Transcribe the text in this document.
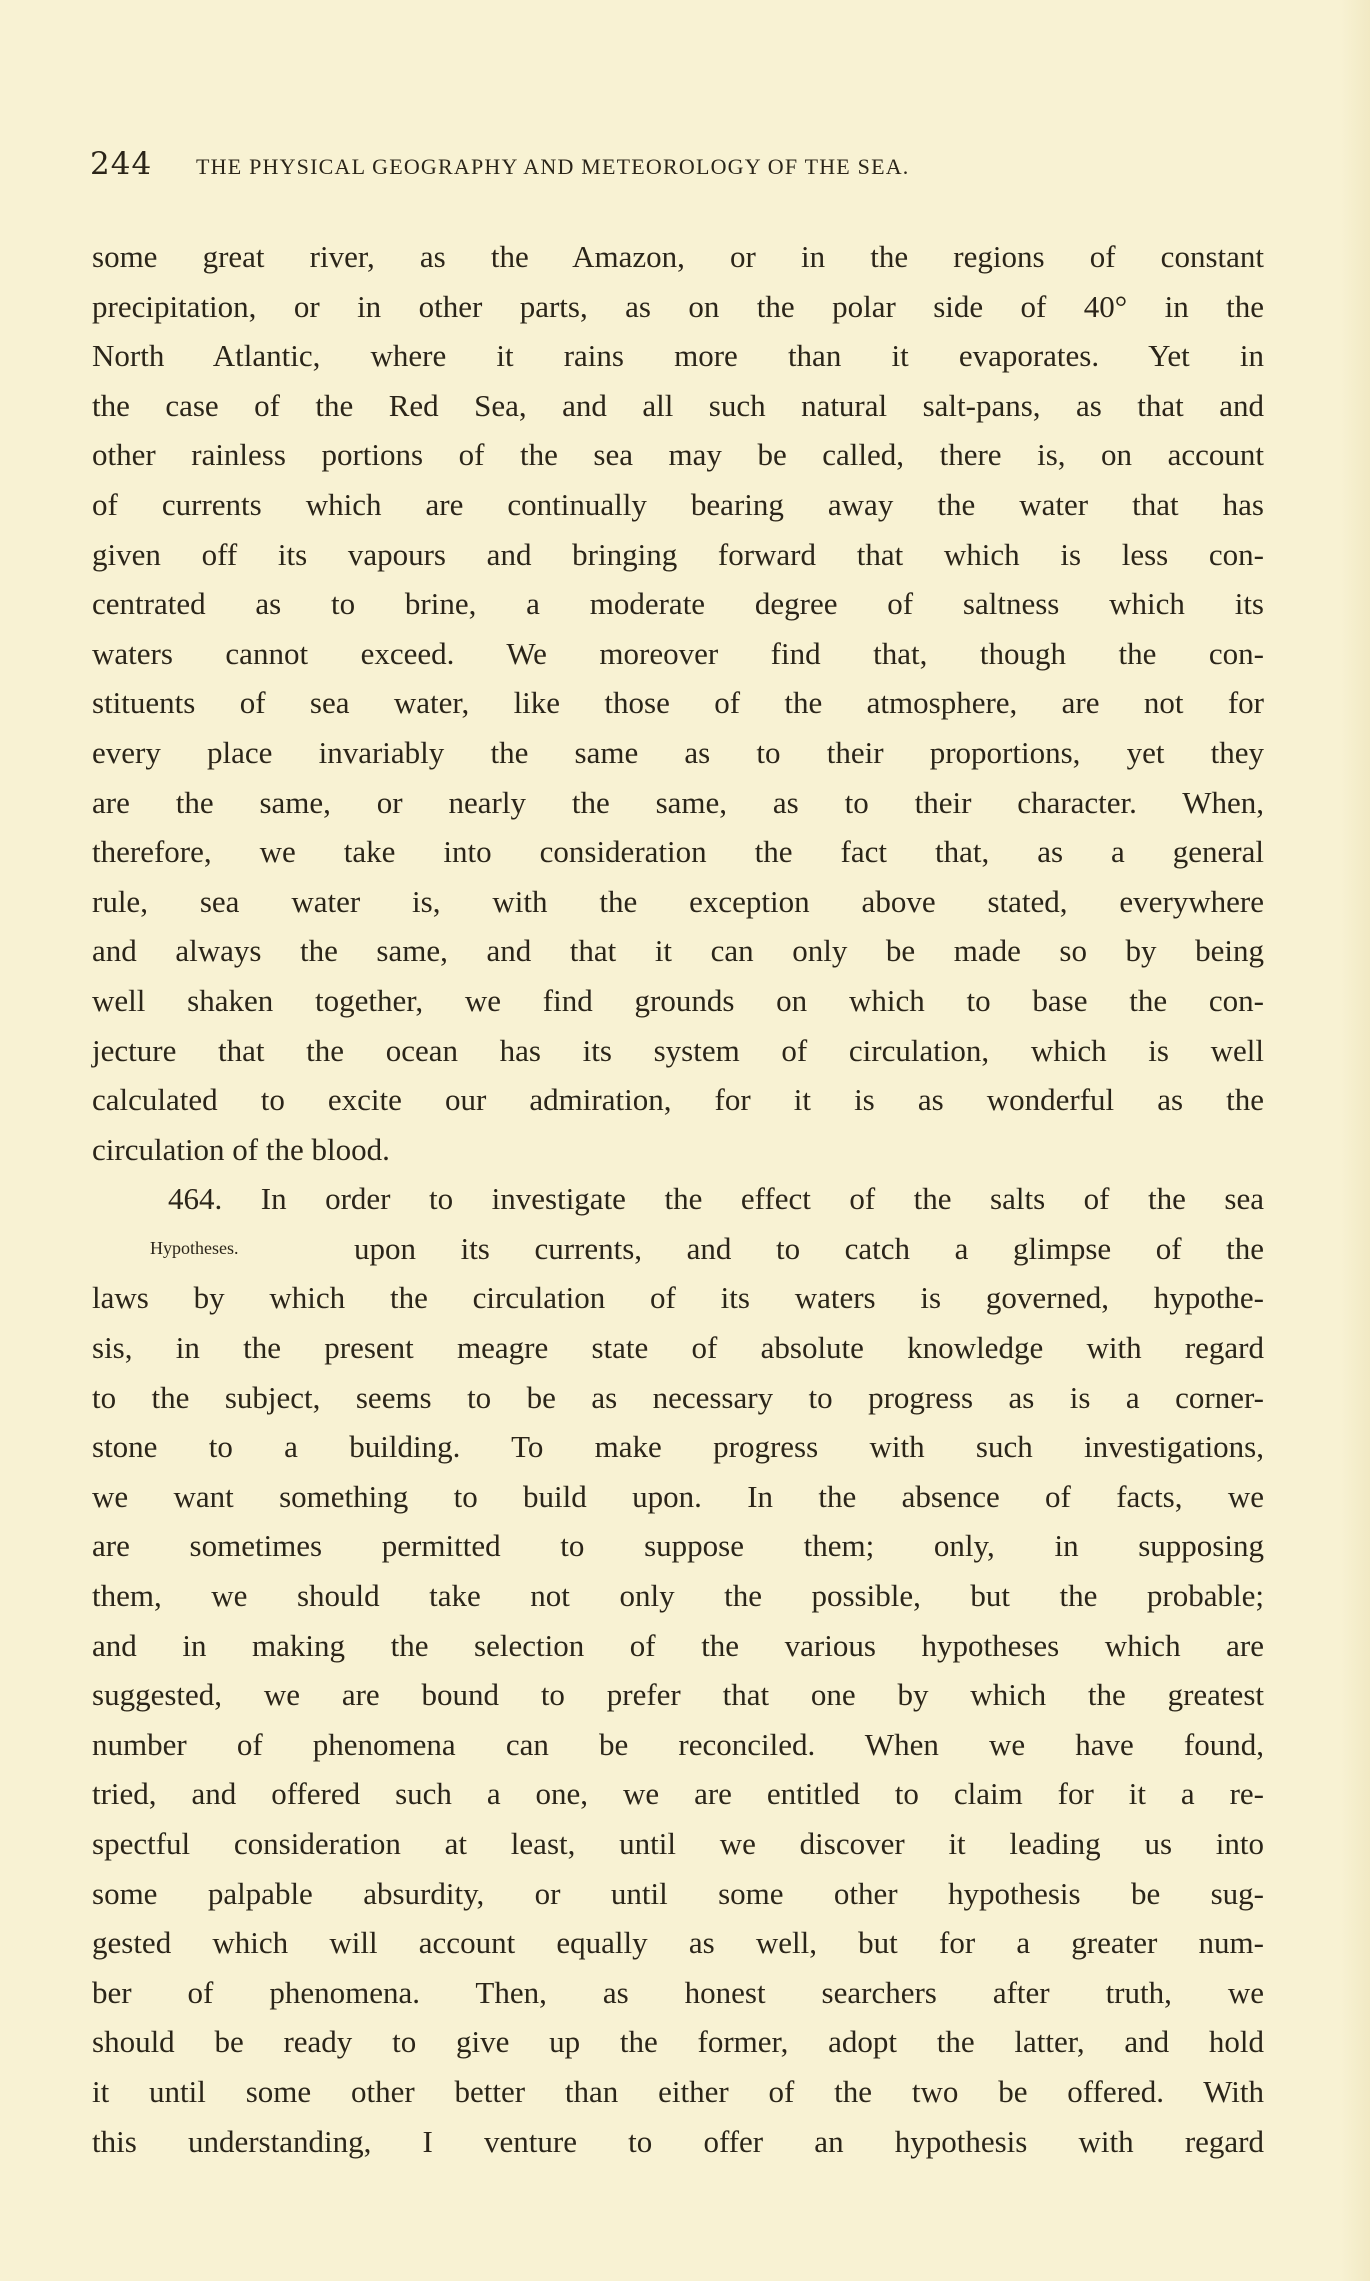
244 THE PHYSICAL GEOGRAPHY AND METEOROLOGY OF THE SEA.
some great river, as the Amazon, or in the regions of constant
precipitation, or in other parts, as on the polar side of 40° in the
North Atlantic, where it rains more than it evaporates. Yet in
the case of the Red Sea, and all such natural salt-pans, as that and
other rainless portions of the sea may be called, there is, on account
of currents which are continually bearing away the water that has
given off its vapours and bringing forward that which is less con-
centrated as to brine, a moderate degree of saltness which its
waters cannot exceed. We moreover find that, though the con-
stituents of sea water, like those of the atmosphere, are not for
every place invariably the same as to their proportions, yet they
are the same, or nearly the same, as to their character. When,
therefore, we take into consideration the fact that, as a general
rule, sea water is, with the exception above stated, everywhere
and always the same, and that it can only be made so by being
well shaken together, we find grounds on which to base the con-
jecture that the ocean has its system of circulation, which is well
calculated to excite our admiration, for it is as wonderful as the
circulation of the blood.
464. In order to investigate the effect of the salts of the sea
Hypotheses.	upon its currents, and to catch a glimpse of the
laws by which the circulation of its waters is governed, hypothe-
sis, in the present meagre state of absolute knowledge with regard
to the subject, seems to be as necessary to progress as is a corner-
stone to a building. To make progress with such investigations,
we want something to build upon. In the absence of facts, we
are sometimes permitted to suppose them; only, in supposing
them, we should take not only the possible, but the probable;
and in making the selection of the various hypotheses which are
suggested, we are bound to prefer that one by which the greatest
number of phenomena can be reconciled. When we have found,
tried, and offered such a one, we are entitled to claim for it a re-
spectful consideration at least, until we discover it leading us into
some palpable absurdity, or until some other hypothesis be sug-
gested which will account equally as well, but for a greater num-
ber of phenomena. Then, as honest searchers after truth, we
should be ready to give up the former, adopt the latter, and hold
it until some other better than either of the two be offered. With
this understanding, I venture to offer an hypothesis with regard
